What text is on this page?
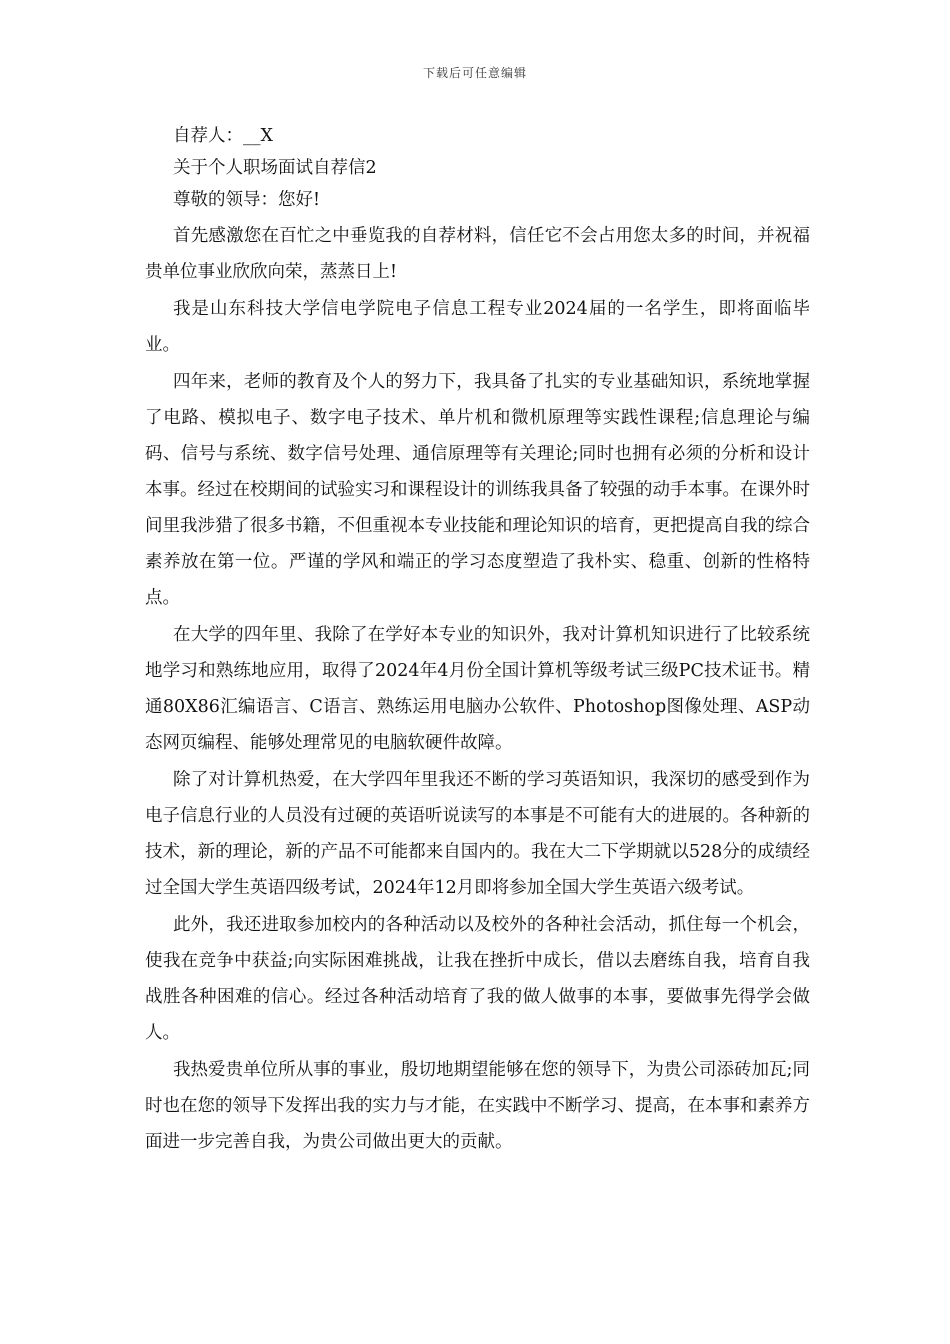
下载后可任意编辑

自荐人：__X

关于个人职场面试自荐信2

尊敬的领导：您好!

首先感激您在百忙之中垂览我的自荐材料，信任它不会占用您太多的时间，并祝福贵单位事业欣欣向荣，蒸蒸日上!

我是山东科技大学信电学院电子信息工程专业2024届的一名学生，即将面临毕业。

四年来，老师的教育及个人的努力下，我具备了扎实的专业基础知识，系统地掌握了电路、模拟电子、数字电子技术、单片机和微机原理等实践性课程;信息理论与编码、信号与系统、数字信号处理、通信原理等有关理论;同时也拥有必须的分析和设计本事。经过在校期间的试验实习和课程设计的训练我具备了较强的动手本事。在课外时间里我涉猎了很多书籍，不但重视本专业技能和理论知识的培育，更把提高自我的综合素养放在第一位。严谨的学风和端正的学习态度塑造了我朴实、稳重、创新的性格特点。

在大学的四年里、我除了在学好本专业的知识外，我对计算机知识进行了比较系统地学习和熟练地应用，取得了2024年4月份全国计算机等级考试三级PC技术证书。精通80X86汇编语言、C语言、熟练运用电脑办公软件、Photoshop图像处理、ASP动态网页编程、能够处理常见的电脑软硬件故障。

除了对计算机热爱，在大学四年里我还不断的学习英语知识，我深切的感受到作为电子信息行业的人员没有过硬的英语听说读写的本事是不可能有大的进展的。各种新的技术，新的理论，新的产品不可能都来自国内的。我在大二下学期就以528分的成绩经过全国大学生英语四级考试，2024年12月即将参加全国大学生英语六级考试。

此外，我还进取参加校内的各种活动以及校外的各种社会活动，抓住每一个机会，使我在竞争中获益;向实际困难挑战，让我在挫折中成长，借以去磨练自我，培育自我战胜各种困难的信心。经过各种活动培育了我的做人做事的本事，要做事先得学会做人。

我热爱贵单位所从事的事业，殷切地期望能够在您的领导下，为贵公司添砖加瓦;同时也在您的领导下发挥出我的实力与才能，在实践中不断学习、提高，在本事和素养方面进一步完善自我，为贵公司做出更大的贡献。
